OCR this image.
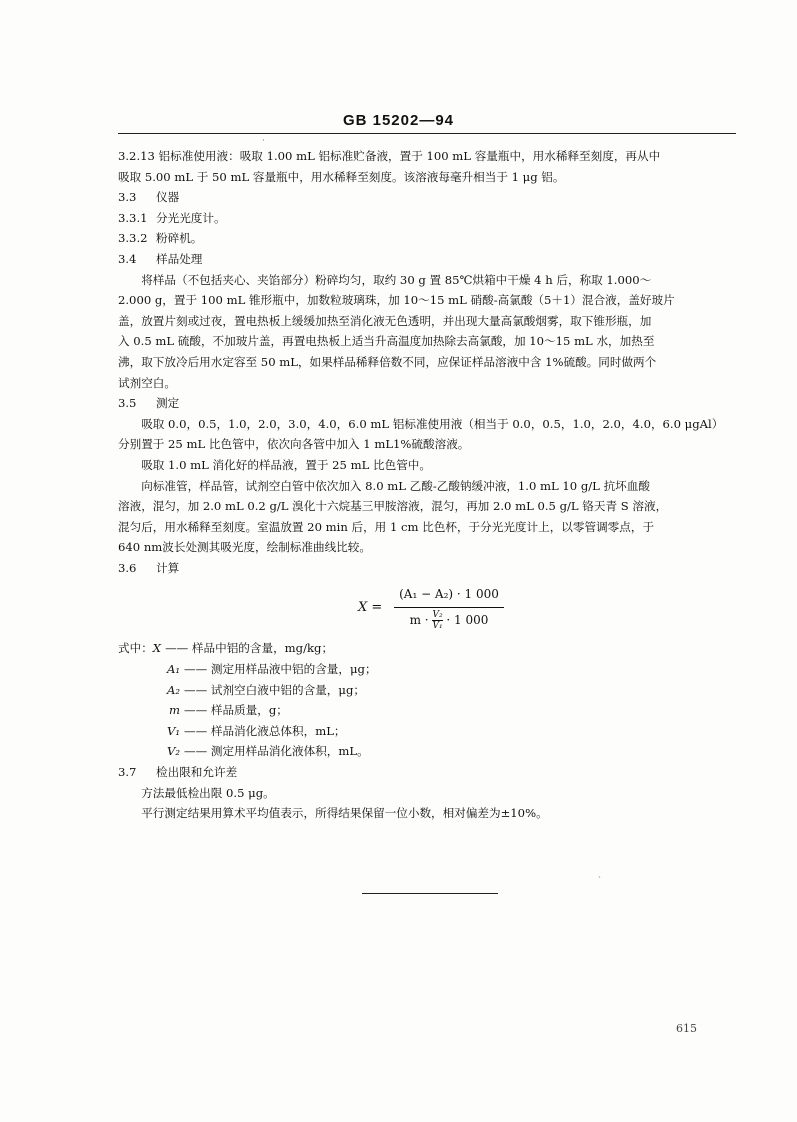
GB 15202—94

3.2.13 铝标准使用液：吸取 1.00 mL 铝标准贮备液，置于 100 mL 容量瓶中，用水稀释至刻度，再从中

吸取 5.00 mL 于 50 mL 容量瓶中，用水稀释至刻度。该溶液每毫升相当于 1 μg 铝。

3.3 仪器

3.3.1 分光光度计。

3.3.2 粉碎机。

3.4 样品处理

将样品（不包括夹心、夹馅部分）粉碎均匀，取约 30 g 置 85℃烘箱中干燥 4 h 后，称取 1.000～

2.000 g，置于 100 mL 锥形瓶中，加数粒玻璃珠，加 10～15 mL 硝酸-高氯酸（5＋1）混合液，盖好玻片

盖，放置片刻或过夜，置电热板上缓缓加热至消化液无色透明，并出现大量高氯酸烟雾，取下锥形瓶，加

入 0.5 mL 硫酸，不加玻片盖，再置电热板上适当升高温度加热除去高氯酸，加 10～15 mL 水，加热至

沸，取下放冷后用水定容至 50 mL，如果样品稀释倍数不同，应保证样品溶液中含 1%硫酸。同时做两个

试剂空白。

3.5 测定

吸取 0.0，0.5，1.0，2.0，3.0，4.0，6.0 mL 铝标准使用液（相当于 0.0，0.5，1.0，2.0，4.0，6.0 μgAl）

分别置于 25 mL 比色管中，依次向各管中加入 1 mL1%硫酸溶液。

吸取 1.0 mL 消化好的样品液，置于 25 mL 比色管中。

向标准管，样品管，试剂空白管中依次加入 8.0 mL 乙酸-乙酸钠缓冲液，1.0 mL 10 g/L 抗坏血酸

溶液，混匀，加 2.0 mL 0.2 g/L 溴化十六烷基三甲胺溶液，混匀，再加 2.0 mL 0.5 g/L 铬天青 S 溶液，

混匀后，用水稀释至刻度。室温放置 20 min 后，用 1 cm 比色杯，于分光光度计上，以零管调零点，于

640 nm波长处测其吸光度，绘制标准曲线比较。

3.6 计算

X =
(A₁ − A₂) · 1 000
$m \cdot \frac{\text{V₂}}{\text{V₁}} \cdot 1$ 000
式中： X —— 样品中铝的含量，mg/kg；
A₁ —— 测定用样品液中铝的含量，μg；
A₂ —— 试剂空白液中铝的含量，μg；
m —— 样品质量，g；
V₁ —— 样品消化液总体积，mL；
V₂ —— 测定用样品消化液体积，mL。

3.7 检出限和允许差

方法最低检出限 0.5 μg。

平行测定结果用算术平均值表示，所得结果保留一位小数，相对偏差为±10%。

·
ˎ
615
